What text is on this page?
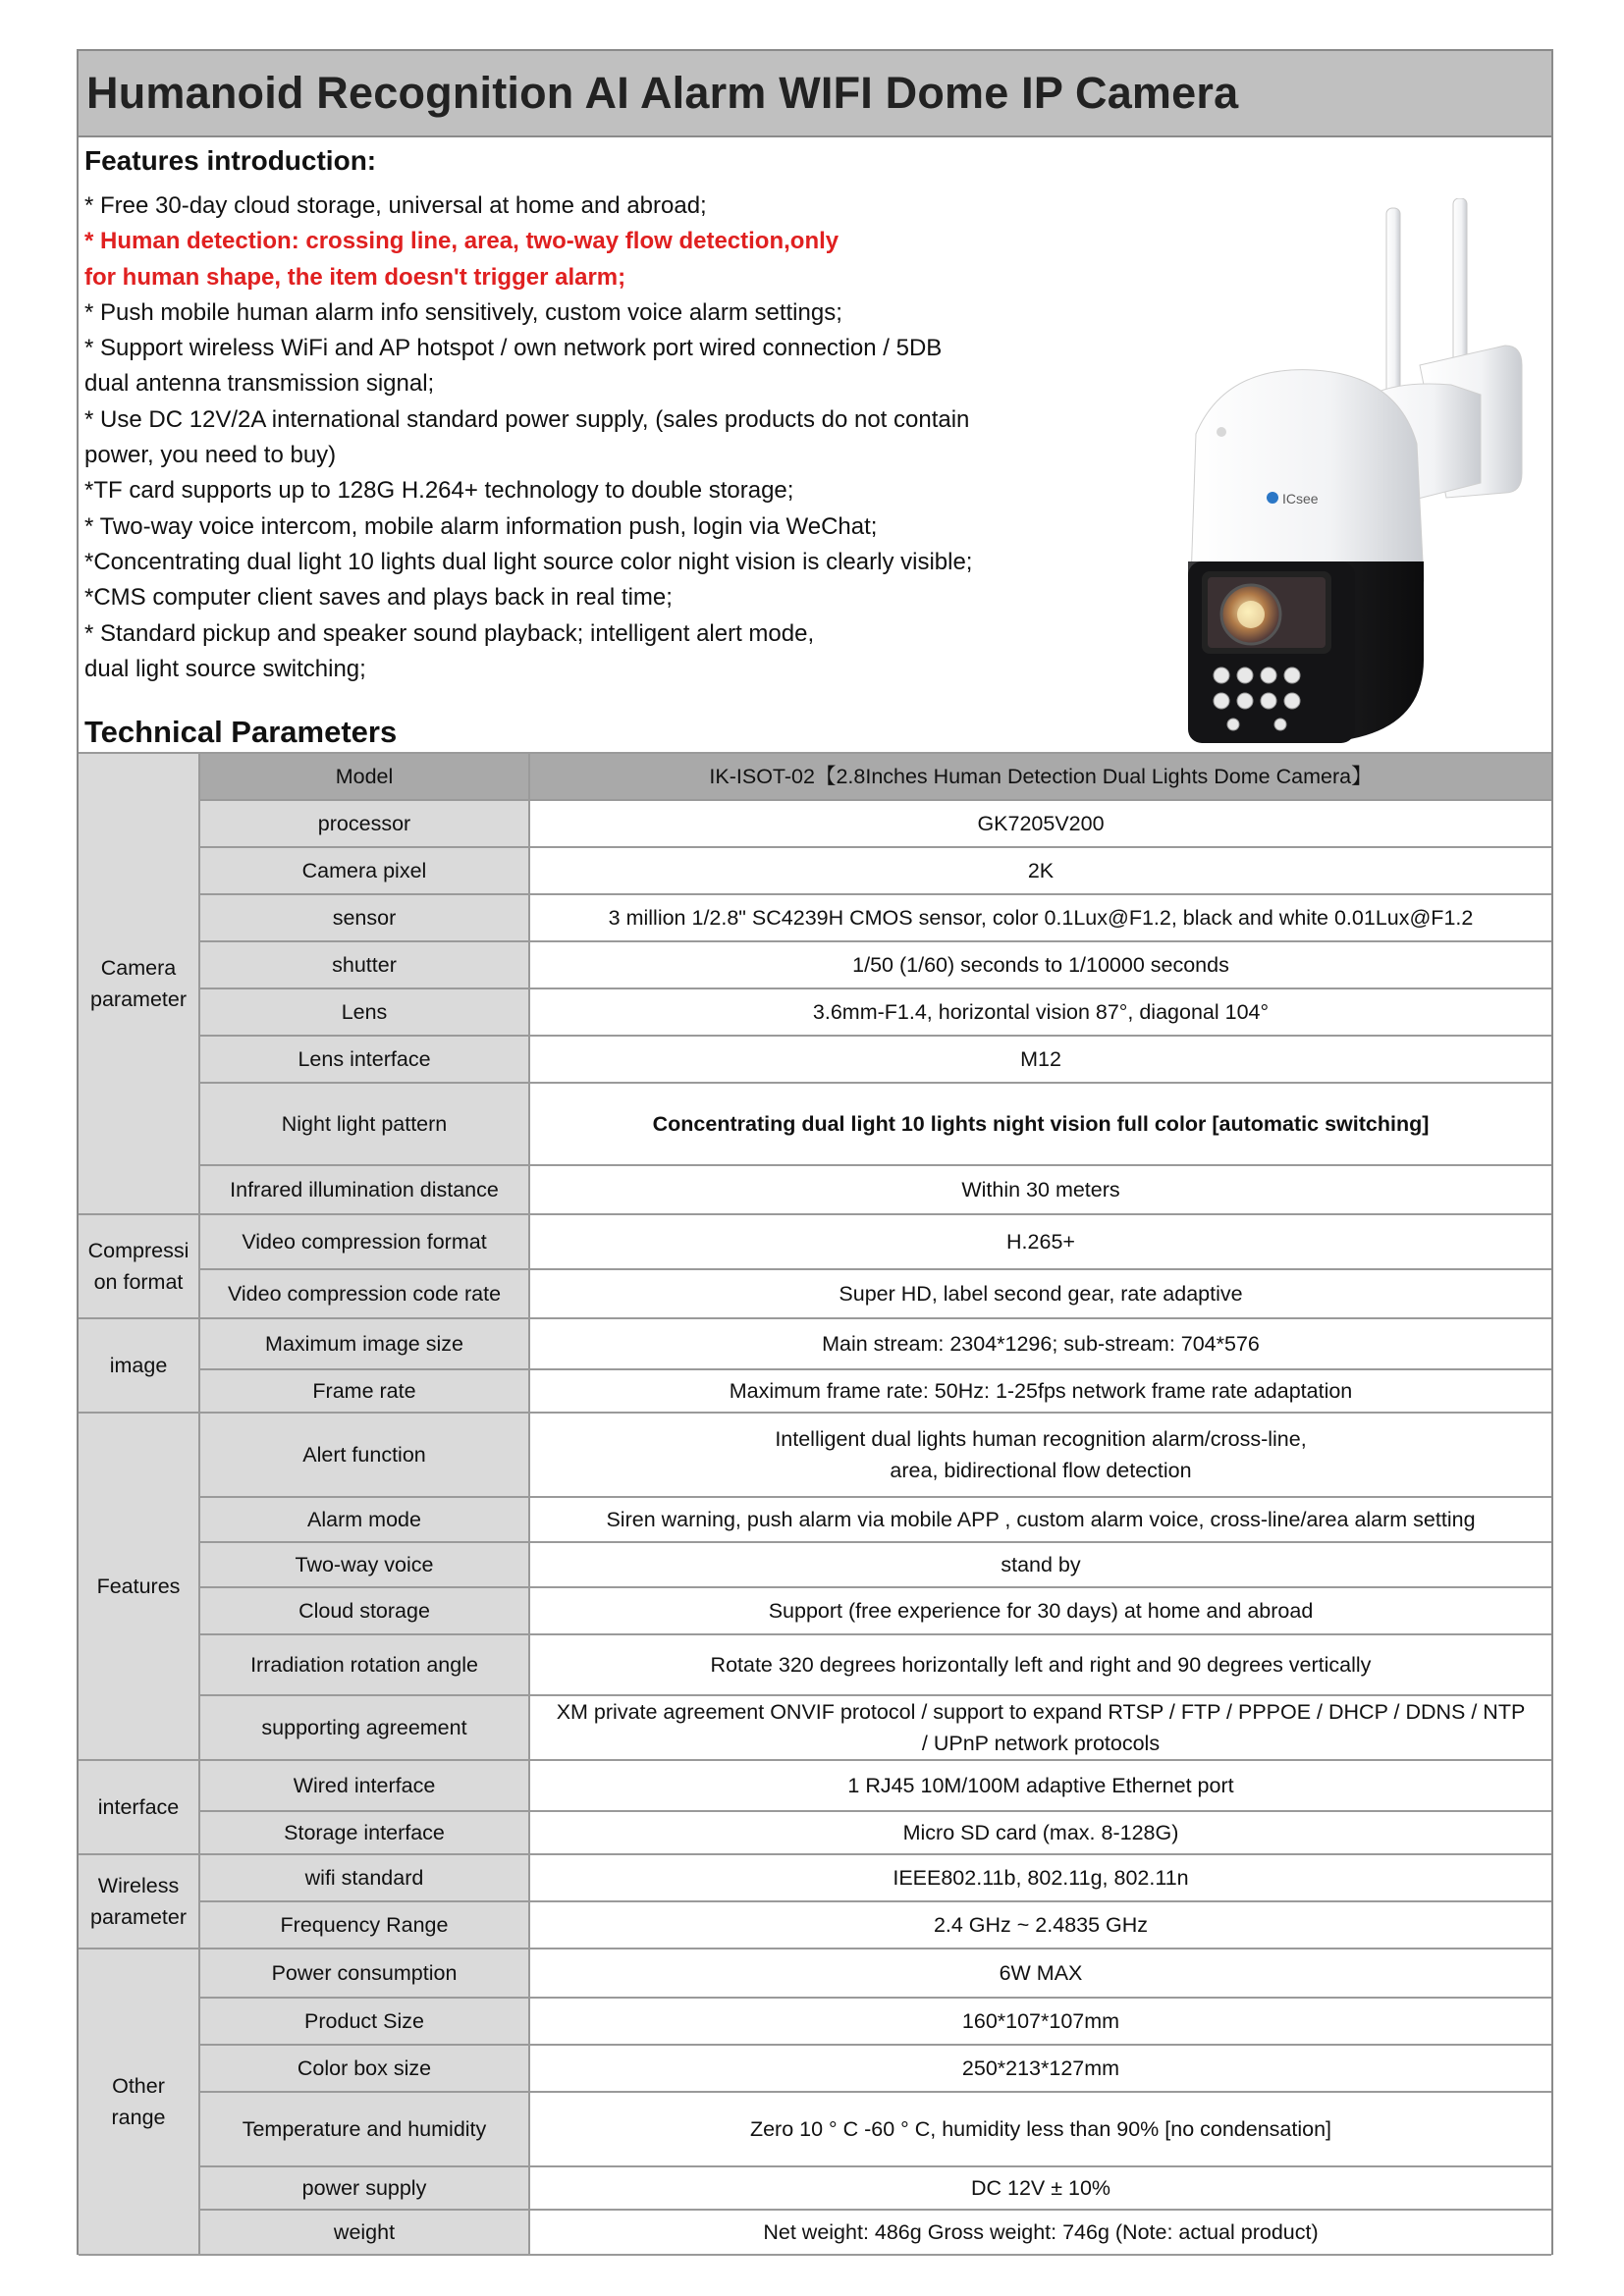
Humanoid Recognition AI Alarm WIFI Dome IP Camera
Features introduction:
* Free 30-day cloud storage, universal at home and abroad;
* Human detection: crossing line, area, two-way flow detection,only
for human shape, the item doesn't trigger alarm;
* Push mobile human alarm info sensitively, custom voice alarm settings;
* Support wireless WiFi and AP hotspot / own network port wired connection / 5DB
dual antenna transmission signal;
* Use DC 12V/2A international standard power supply, (sales products do not contain
power, you need to buy)
*TF card supports up to 128G H.264+ technology to double storage;
* Two-way voice intercom, mobile alarm information push, login via WeChat;
*Concentrating dual light 10 lights dual light source color night vision is clearly visible;
*CMS computer client saves and plays back in real time;
* Standard pickup and speaker sound playback; intelligent alert mode,
dual light source switching;
Technical Parameters
ICsee
Camera parameter	Model	IK-ISOT-02【2.8Inches Human Detection Dual Lights Dome Camera】
	processor	GK7205V200
	Camera pixel	2K
	sensor	3 million 1/2.8" SC4239H CMOS sensor, color 0.1Lux@F1.2, black and white 0.01Lux@F1.2
	shutter	1/50 (1/60) seconds to 1/10000 seconds
	Lens	3.6mm-F1.4, horizontal vision 87°, diagonal 104°
	Lens interface	M12
	Night light pattern	Concentrating dual light 10 lights night vision full color [automatic switching]
	Infrared illumination distance	Within 30 meters
Compressi on format	Video compression format	H.265+
	Video compression code rate	Super HD, label second gear, rate adaptive
image	Maximum image size	Main stream: 2304*1296; sub-stream: 704*576
	Frame rate	Maximum frame rate: 50Hz: 1-25fps network frame rate adaptation
Features	Alert function	Intelligent dual lights human recognition alarm/cross-line,
area, bidirectional flow detection

	Alarm mode	Siren warning, push alarm via mobile APP , custom alarm voice, cross-line/area alarm setting
	Two-way voice	stand by
	Cloud storage	Support (free experience for 30 days) at home and abroad
	Irradiation rotation angle	Rotate 320 degrees horizontally left and right and 90 degrees vertically
	supporting agreement	XM private agreement ONVIF protocol / support to expand RTSP / FTP / PPPOE / DHCP / DDNS / NTP
/ UPnP network protocols

interface	Wired interface	1 RJ45 10M/100M adaptive Ethernet port
	Storage interface	Micro SD card (max. 8-128G)
Wireless parameter	wifi standard	IEEE802.11b, 802.11g, 802.11n
	Frequency Range	2.4 GHz ~ 2.4835 GHz
Other range	Power consumption	6W MAX
	Product Size	160*107*107mm
	Color box size	250*213*127mm
	Temperature and humidity	Zero 10 ° C -60 ° C, humidity less than 90% [no condensation]
	power supply	DC 12V ± 10%
	weight	Net weight: 486g Gross weight: 746g (Note: actual product)
